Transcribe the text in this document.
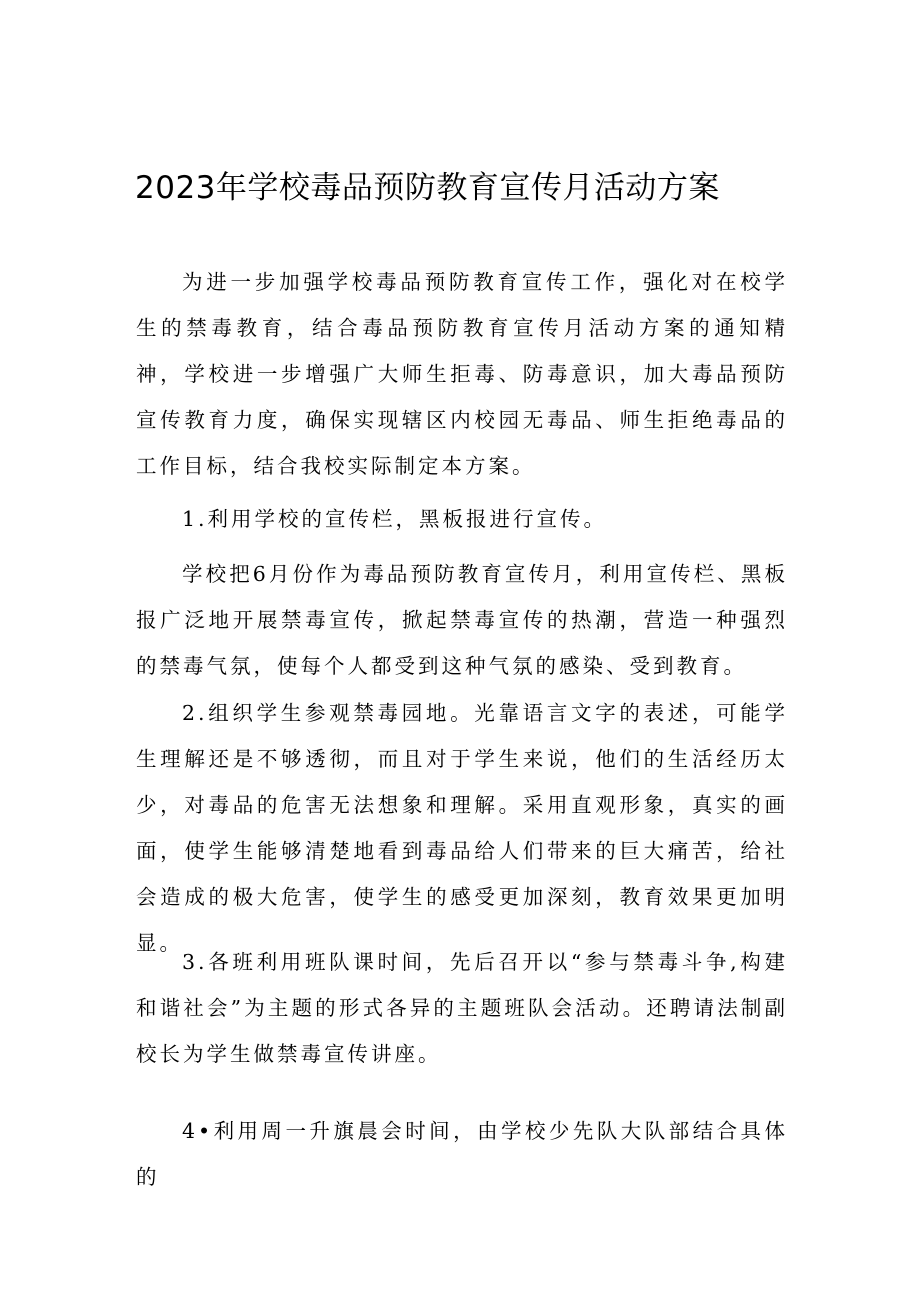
2023年学校毒品预防教育宣传月活动方案

为进一步加强学校毒品预防教育宣传工作，强化对在校学生的禁毒教育，结合毒品预防教育宣传月活动方案的通知精神，学校进一步增强广大师生拒毒、防毒意识，加大毒品预防宣传教育力度，确保实现辖区内校园无毒品、师生拒绝毒品的工作目标，结合我校实际制定本方案。

1.利用学校的宣传栏，黑板报进行宣传。

学校把6月份作为毒品预防教育宣传月，利用宣传栏、黑板报广泛地开展禁毒宣传，掀起禁毒宣传的热潮，营造一种强烈的禁毒气氛，使每个人都受到这种气氛的感染、受到教育。

2.组织学生参观禁毒园地。光靠语言文字的表述，可能学生理解还是不够透彻，而且对于学生来说，他们的生活经历太少，对毒品的危害无法想象和理解。采用直观形象，真实的画面，使学生能够清楚地看到毒品给人们带来的巨大痛苦，给社会造成的极大危害，使学生的感受更加深刻，教育效果更加明显。

3.各班利用班队课时间，先后召开以“参与禁毒斗争,构建和谐社会”为主题的形式各异的主题班队会活动。还聘请法制副校长为学生做禁毒宣传讲座。

4•利用周一升旗晨会时间，由学校少先队大队部结合具体的
